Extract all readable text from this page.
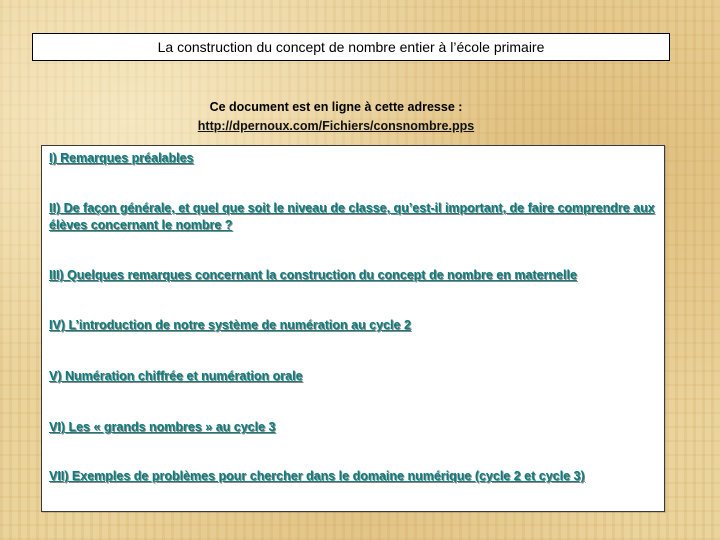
La construction du concept de nombre entier à l’école primaire
Ce document est en ligne à cette adresse :
http://dpernoux.com/Fichiers/consnombre.pps
I) Remarques préalables
II) De façon générale, et quel que soit le niveau de classe, qu’est-il important, de faire comprendre aux élèves concernant le nombre ?
III) Quelques remarques concernant la construction du concept de nombre en maternelle
IV) L’introduction de notre système de numération au cycle 2
V) Numération chiffrée et numération orale
VI) Les « grands nombres » au cycle 3
VII) Exemples de problèmes pour chercher dans le domaine numérique (cycle 2 et cycle 3)
